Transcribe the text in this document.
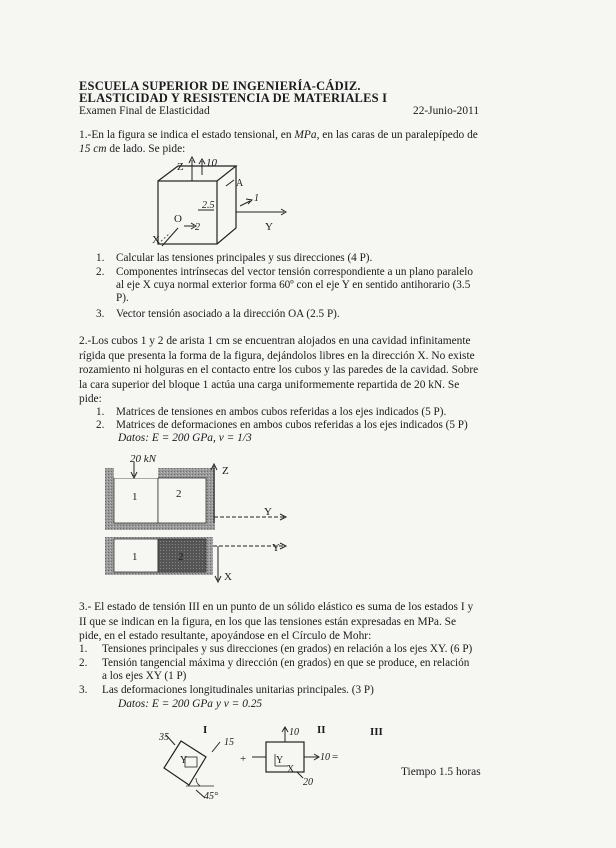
ESCUELA SUPERIOR DE INGENIERÍA-CÁDIZ.
ELASTICIDAD Y RESISTENCIA DE MATERIALES I
Examen Final de Elasticidad	22-Junio-2011
1.-En la figura se indica el estado tensional, en MPa, en las caras de un paralepípedo de
15 cm de lado. Se pide:
Z 10
A
1
2.5
O
2	Y
X
1. Calcular las tensiones principales y sus direcciones (4 P).
2. Componentes intrínsecas del vector tensión correspondiente a un plano paralelo
al eje X cuya normal exterior forma 60º con el eje Y en sentido antihorario (3.5
P).
3. Vector tensión asociado a la dirección OA (2.5 P).
2.-Los cubos 1 y 2 de arista 1 cm se encuentran alojados en una cavidad infinitamente
rígida que presenta la forma de la figura, dejándolos libres en la dirección X. No existe
rozamiento ni holguras en el contacto entre los cubos y las paredes de la cavidad. Sobre
la cara superior del bloque 1 actúa una carga uniformemente repartida de 20 kN. Se
pide:
1. Matrices de tensiones en ambos cubos referidas a los ejes indicados (5 P).
2. Matrices de deformaciones en ambos cubos referidas a los ejes indicados (5 P)
Datos: E = 200 GPa, ν = 1/3
20 kN
1	2
Z
Y
1	2
Y
X
3.- El estado de tensión III en un punto de un sólido elástico es suma de los estados I y
II que se indican en la figura, en los que las tensiones están expresadas en MPa. Se
pide, en el estado resultante, apoyándose en el Círculo de Mohr:
1. Tensiones principales y sus direcciones (en grados) en relación a los ejes XY. (6 P)
2. Tensión tangencial máxima y dirección (en grados) en que se produce, en relación
a los ejes XY (1 P)
3. Las deformaciones longitudinales unitarias principales. (3 P)
Datos: E = 200 GPa y ν = 0.25
I	II	III
35	15
Y
45°
+
10
10 =
Y
X
20
Tiempo 1.5 horas
